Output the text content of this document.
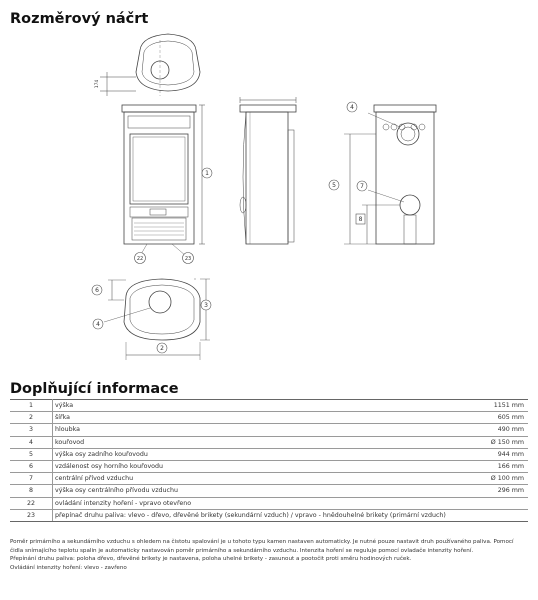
Rozměrový náčrt
1
22	23
5
4
7
8
6
4
3
2
174
Doplňující informace
1	výška	1151 mm
2	šířka	605 mm
3	hloubka	490 mm
4	kouřovod	Ø 150 mm
5	výška osy zadního kouřovodu	944 mm
6	vzdálenost osy horního kouřovodu	166 mm
7	centrální přívod vzduchu	Ø 100 mm
8	výška osy centrálního přívodu vzduchu	296 mm
22	ovládání intenzity hoření - vpravo otevřeno	
23	přepínač druhu paliva: vlevo - dřevo, dřevěné brikety (sekundární vzduch) / vpravo - hnědouhelné brikety (primární vzduch)	

Poměr primárního a sekundárního vzduchu s ohledem na čistotu spalování je u tohoto typu kamen nastaven automaticky. Je nutné pouze nastavit druh používaného paliva. Pomocí čidla snímajícího teplotu spalin je automaticky nastavován poměr primárního a sekundárního vzduchu. Intenzita hoření se reguluje pomocí ovladače intenzity hoření.

Přepínání druhu paliva: poloha dřevo, dřevěné brikety je nastavena, poloha uhelné brikety - zasunout a pootočit proti směru hodinových ruček.

Ovládání intenzity hoření: vlevo - zavřeno
